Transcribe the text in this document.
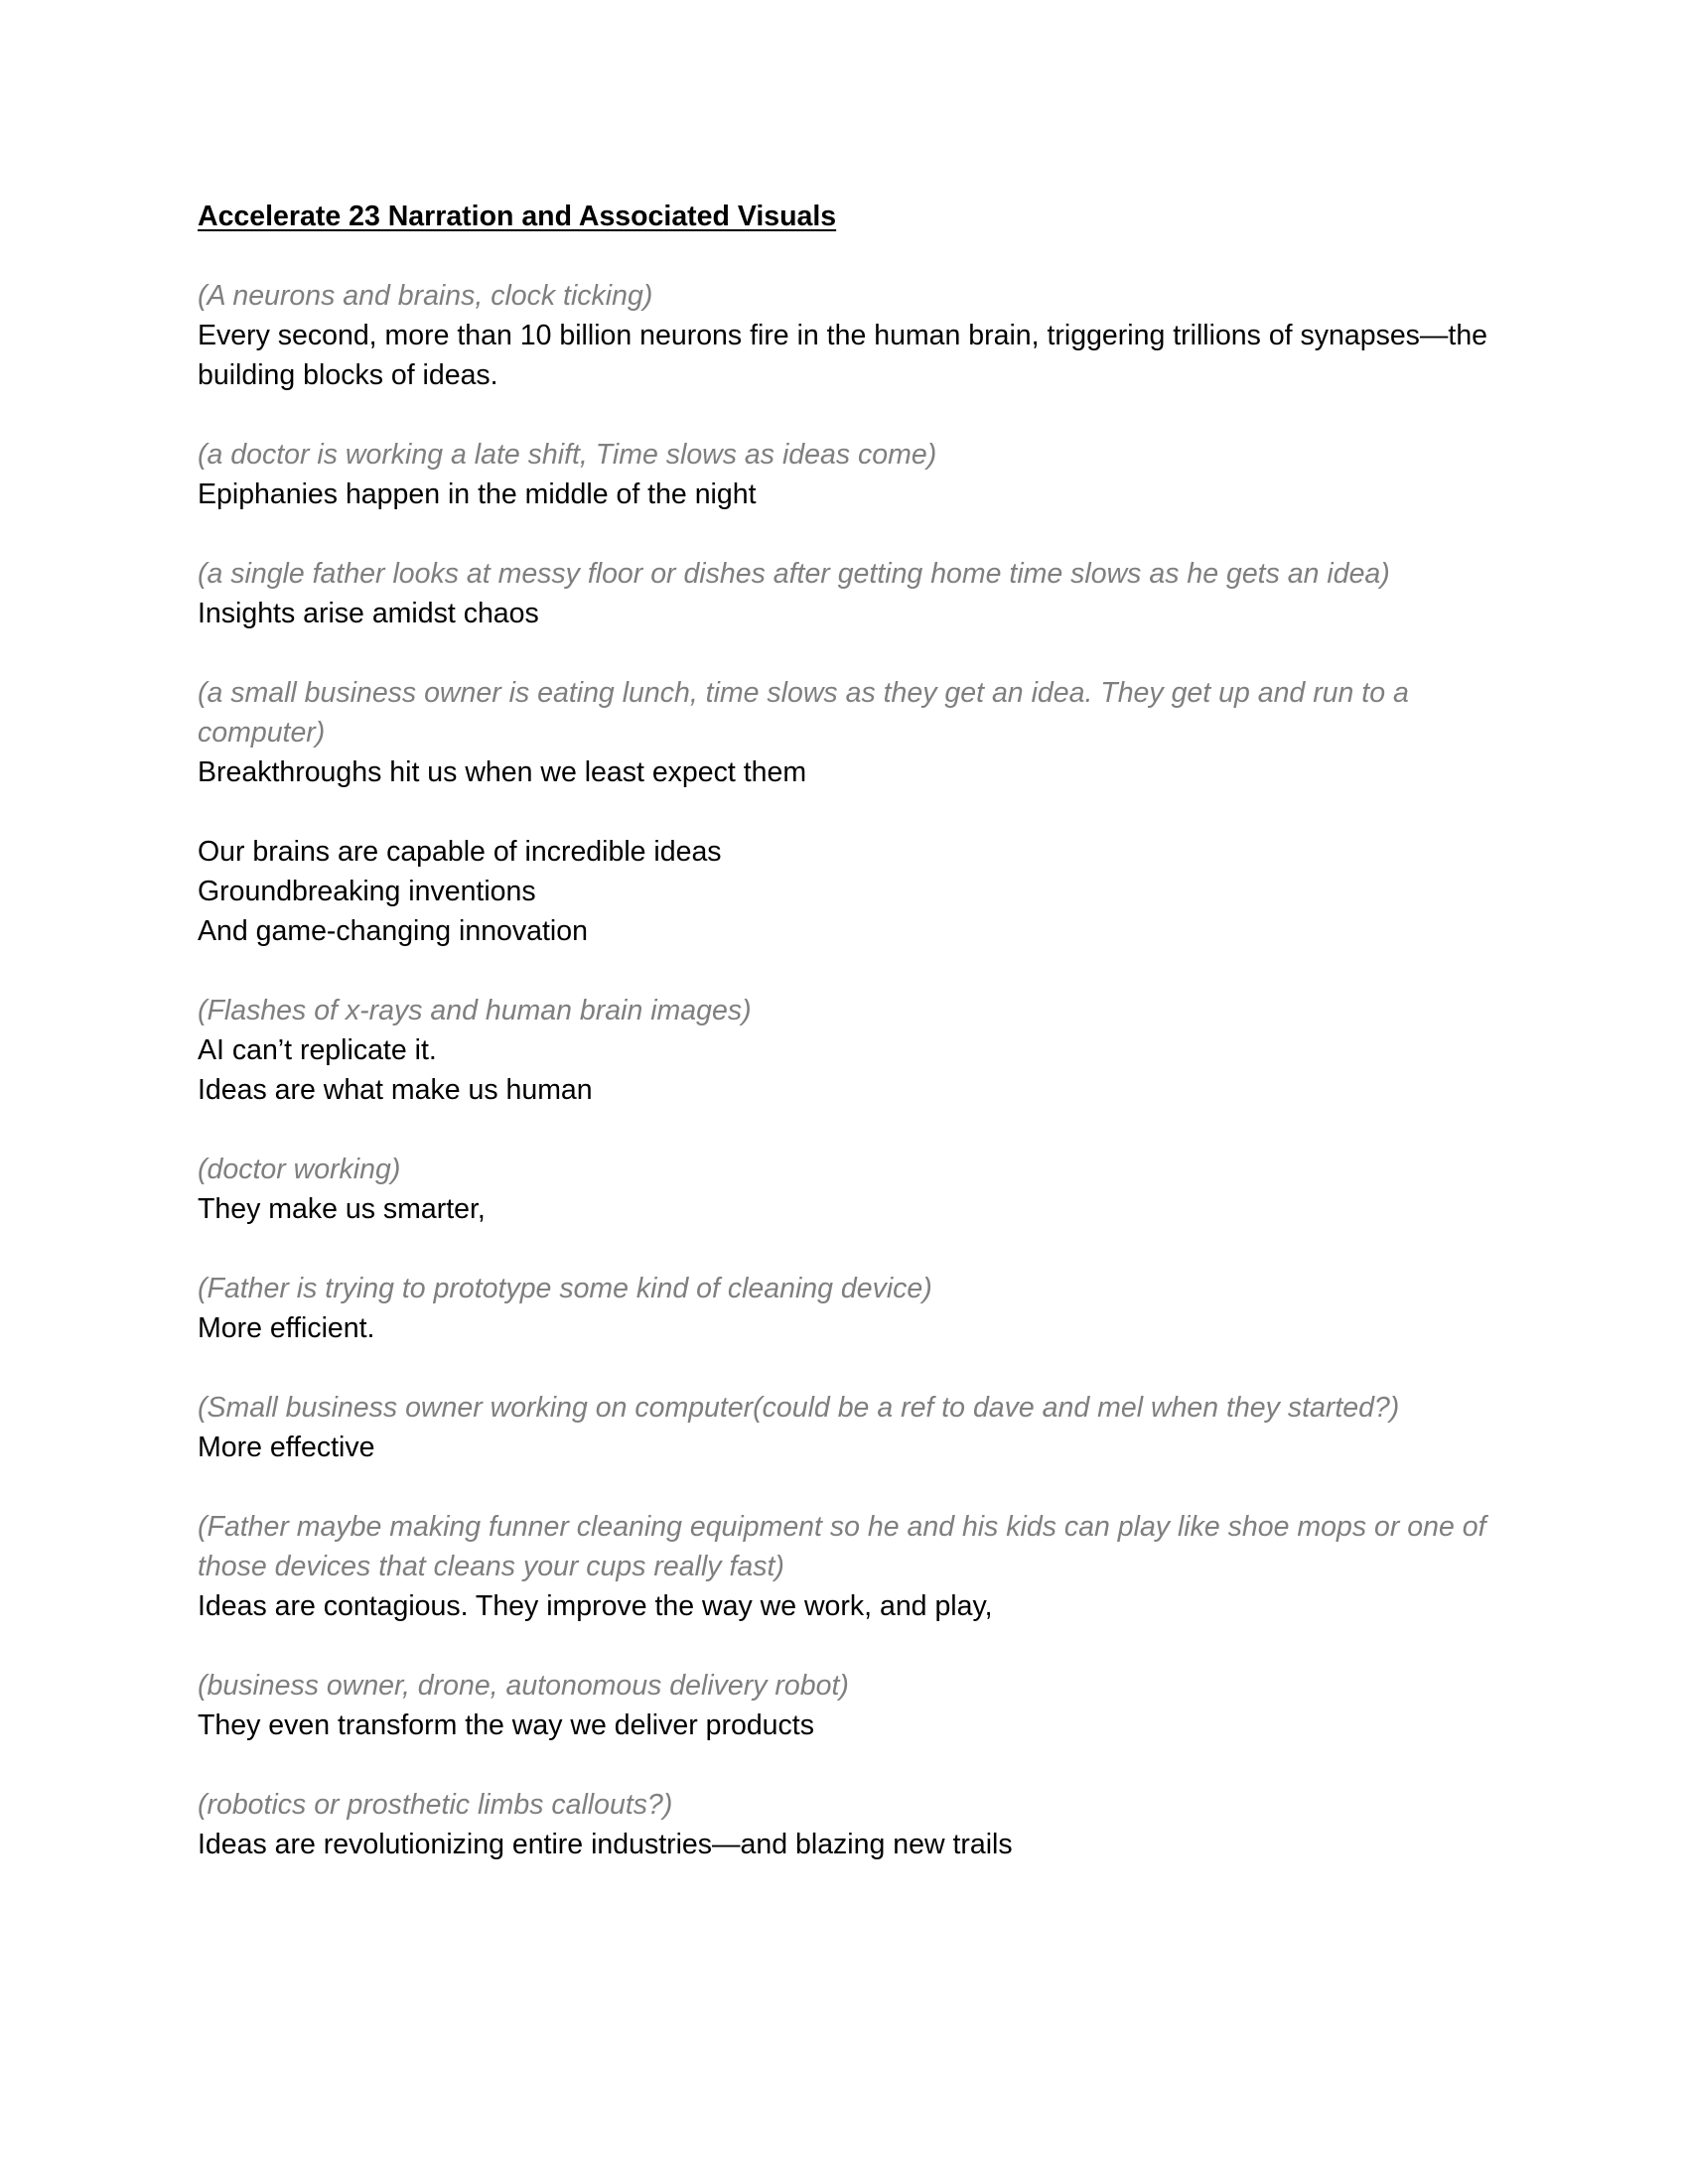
Accelerate 23 Narration and Associated Visuals
(A neurons and brains, clock ticking)
Every second, more than 10 billion neurons fire in the human brain, triggering trillions of synapses—the building blocks of ideas.
(a doctor is working a late shift, Time slows as ideas come)
Epiphanies happen in the middle of the night
(a single father looks at messy floor or dishes after getting home time slows as he gets an idea)
Insights arise amidst chaos
(a small business owner is eating lunch, time slows as they get an idea. They get up and run to a computer)
Breakthroughs hit us when we least expect them
Our brains are capable of incredible ideas
Groundbreaking inventions
And game-changing innovation
(Flashes of x-rays and human brain images)
AI can’t replicate it.
Ideas are what make us human
(doctor working)
They make us smarter,
(Father is trying to prototype some kind of cleaning device)
More efficient.
(Small business owner working on computer(could be a ref to dave and mel when they started?)
More effective
(Father maybe making funner cleaning equipment so he and his kids can play like shoe mops or one of those devices that cleans your cups really fast)
Ideas are contagious. They improve the way we work, and play,
(business owner, drone, autonomous delivery robot)
They even transform the way we deliver products
(robotics or prosthetic limbs callouts?)
Ideas are revolutionizing entire industries—and blazing new trails
